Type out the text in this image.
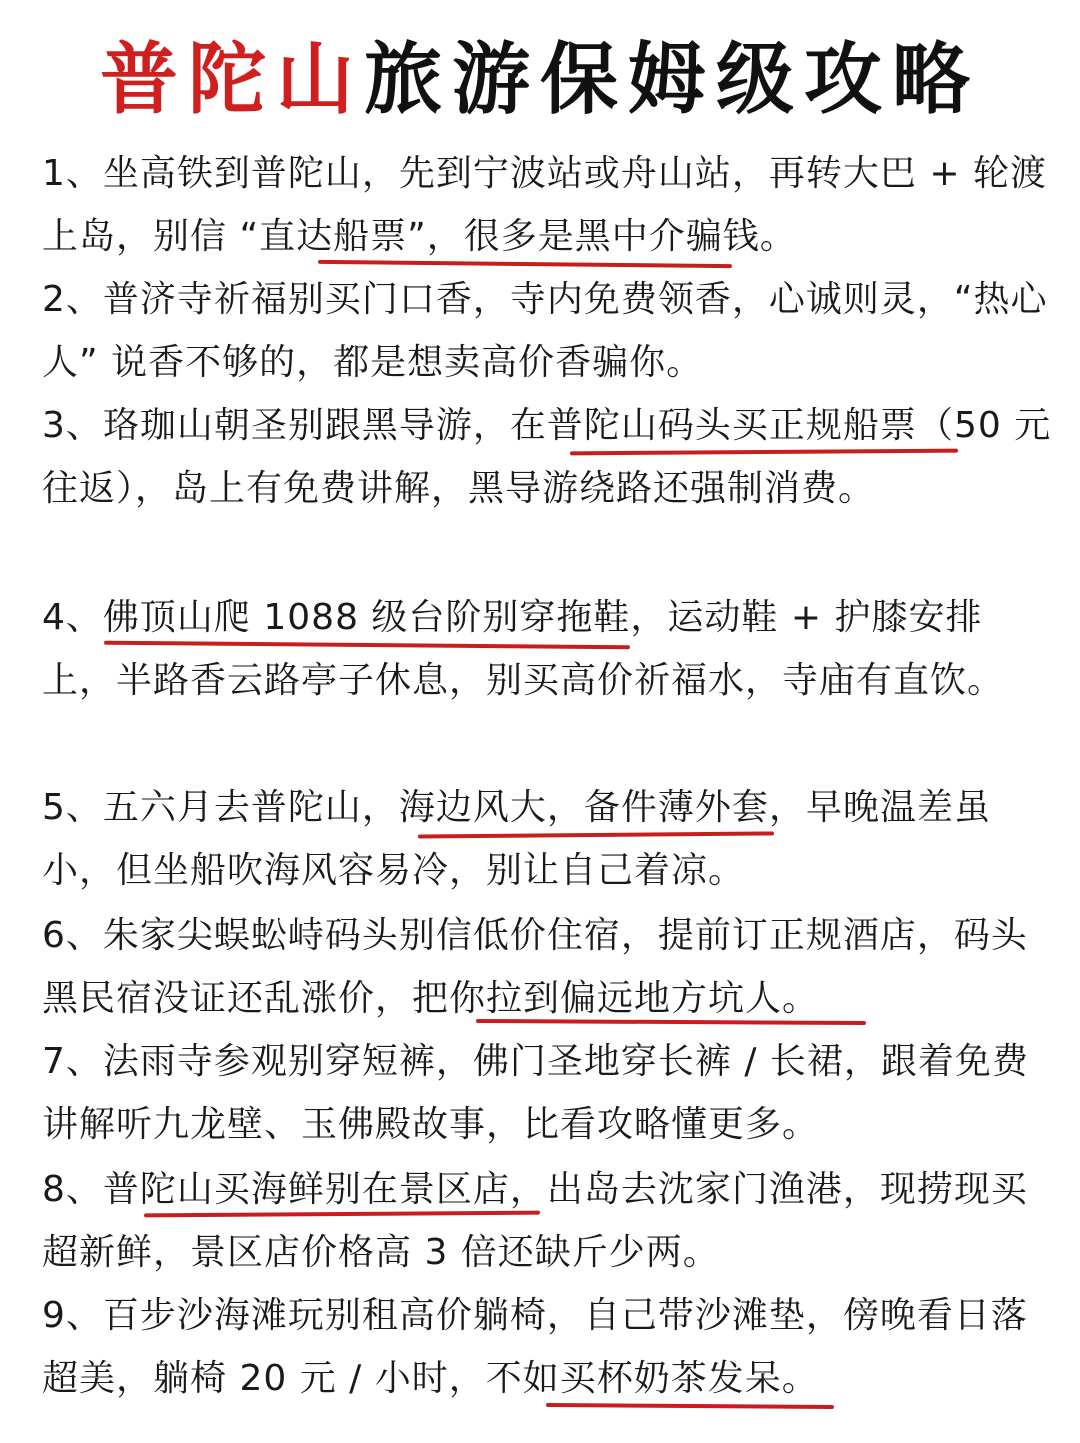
普陀山旅游保姆级攻略

1、坐高铁到普陀山，先到宁波站或舟山站，再转大巴 + 轮渡上岛，别信 “直达船票”，很多是黑中介骗钱。

2、普济寺祈福别买门口香，寺内免费领香，心诚则灵，“热心人” 说香不够的，都是想卖高价香骗你。

3、珞珈山朝圣别跟黑导游，在普陀山码头买正规船票（50 元往返），岛上有免费讲解，黑导游绕路还强制消费。

4、佛顶山爬 1088 级台阶别穿拖鞋，运动鞋 + 护膝安排上，半路香云路亭子休息，别买高价祈福水，寺庙有直饮。

5、五六月去普陀山，海边风大，备件薄外套，早晚温差虽小，但坐船吹海风容易冷，别让自己着凉。

6、朱家尖蜈蚣峙码头别信低价住宿，提前订正规酒店，码头黑民宿没证还乱涨价，把你拉到偏远地方坑人。

7、法雨寺参观别穿短裤，佛门圣地穿长裤 / 长裙，跟着免费讲解听九龙壁、玉佛殿故事，比看攻略懂更多。

8、普陀山买海鲜别在景区店，出岛去沈家门渔港，现捞现买超新鲜，景区店价格高 3 倍还缺斤少两。

9、百步沙海滩玩别租高价躺椅，自己带沙滩垫，傍晚看日落超美，躺椅 20 元 / 小时，不如买杯奶茶发呆。
